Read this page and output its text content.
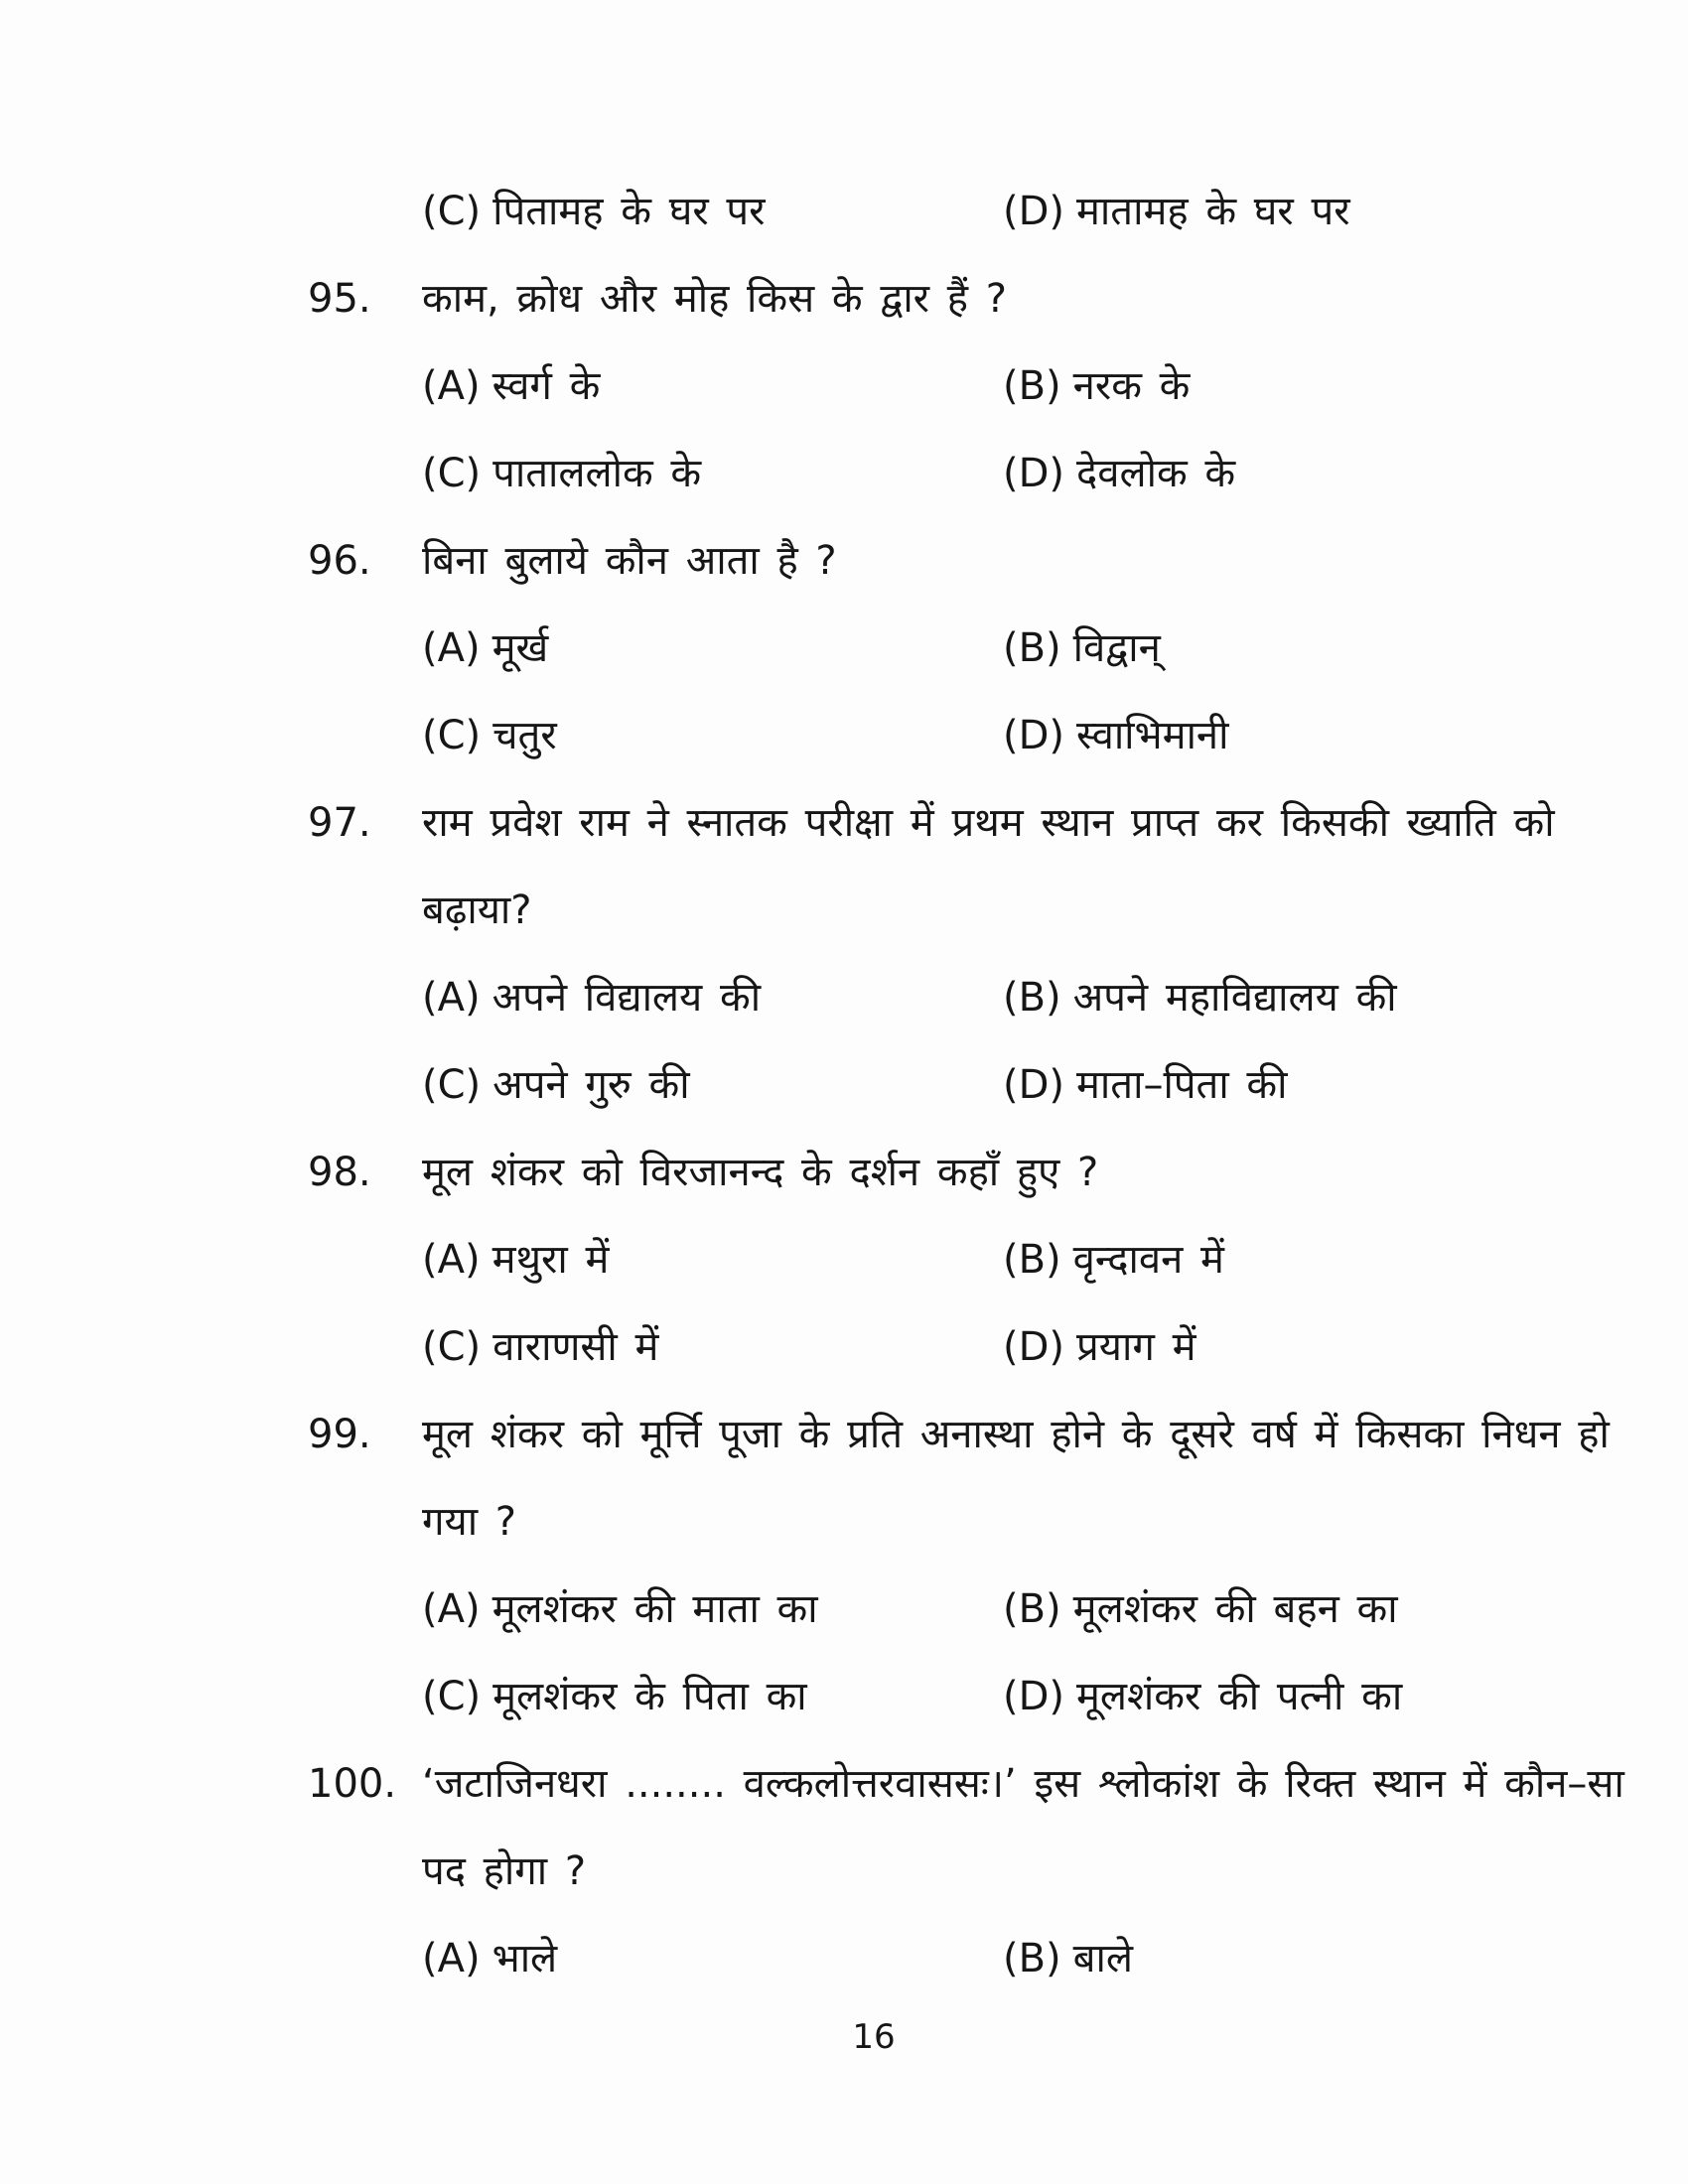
(C) पितामह के घर पर	(D) मातामह के घर पर
95.	काम, क्रोध और मोह किस के द्वार हैं ?
(A) स्वर्ग के	(B) नरक के
(C) पाताललोक के	(D) देवलोक के
96.	बिना बुलाये कौन आता है ?
(A) मूर्ख	(B) विद्वान्
(C) चतुर	(D) स्वाभिमानी
97.	राम प्रवेश राम ने स्नातक परीक्षा में प्रथम स्थान प्राप्त कर किसकी ख्याति को
बढ़ाया?
(A) अपने विद्यालय की	(B) अपने महाविद्यालय की
(C) अपने गुरु की	(D) माता–पिता की
98.	मूल शंकर को विरजानन्द के दर्शन कहाँ हुए ?
(A) मथुरा में	(B) वृन्दावन में
(C) वाराणसी में	(D) प्रयाग में
99.	मूल शंकर को मूर्त्ति पूजा के प्रति अनास्था होने के दूसरे वर्ष में किसका निधन हो
गया ?
(A) मूलशंकर की माता का	(B) मूलशंकर की बहन का
(C) मूलशंकर के पिता का	(D) मूलशंकर की पत्नी का
100. ‘जटाजिनधरा ........ वल्कलोत्तरवाससः।’ इस श्लोकांश के रिक्त स्थान में कौन–सा
पद होगा ?
(A) भाले	(B) बाले
16
